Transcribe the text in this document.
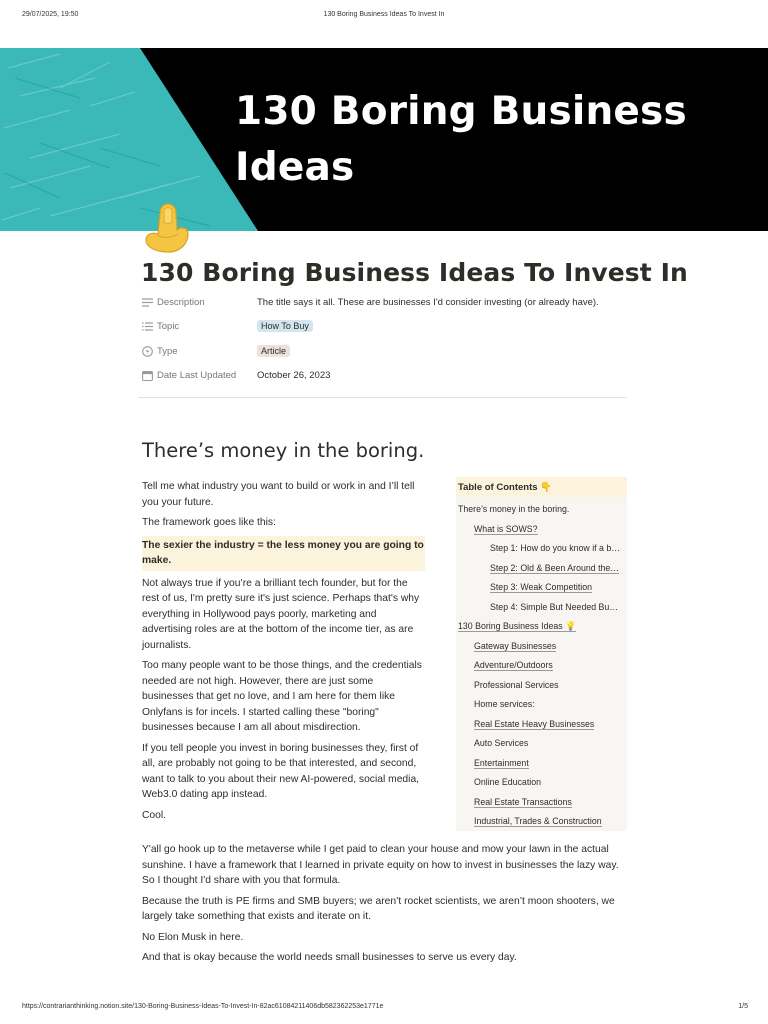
29/07/2025, 19:50	130 Boring Business Ideas To Invest In
130 Boring Business Ideas
130 Boring Business Ideas To Invest In
Description	The title says it all. These are businesses I'd consider investing (or already have).
Topic	How To Buy
Type	Article
Date Last Updated October 26, 2023
There’s money in the boring.

Tell me what industry you want to build or work in and I’ll tell you your future.

The framework goes like this:

The sexier the industry = the less money you are going to make.

Not always true if you’re a brilliant tech founder, but for the rest of us, I'm pretty sure it's just science. Perhaps that's why everything in Hollywood pays poorly, marketing and advertising roles are at the bottom of the income tier, as are journalists.

Too many people want to be those things, and the credentials needed are not high. However, there are just some businesses that get no love, and I am here for them like Onlyfans is for incels. I started calling these "boring" businesses because I am all about misdirection.

If you tell people you invest in boring businesses they, first of all, are probably not going to be that interested, and second, want to talk to you about their new AI-powered, social media, Web3.0 dating app instead.

Cool.

Table of Contents
👇
There’s money in the boring.
What is SOWS?
Step 1: How do you know if a b…
Step 2: Old & Been Around the…
Step 3: Weak Competition
Step 4: Simple But Needed Bu…
130 Boring Business Ideas 💡
Gateway Businesses
Adventure/Outdoors
Professional Services
Home services:
Real Estate Heavy Businesses
Auto Services
Entertainment
Online Education
Real Estate Transactions
Industrial, Trades & Construction

Y'all go hook up to the metaverse while I get paid to clean your house and mow your lawn in the actual sunshine. I have a framework that I learned in private equity on how to invest in businesses the lazy way. So I thought I'd share with you that formula.

Because the truth is PE firms and SMB buyers; we aren’t rocket scientists, we aren’t moon shooters, we largely take something that exists and iterate on it.

No Elon Musk in here.

And that is okay because the world needs small businesses to serve us every day.

https://contrarianthinking.notion.site/130-Boring-Business-Ideas-To-Invest-In-82ac61084211406db582362253e1771e	1/5
